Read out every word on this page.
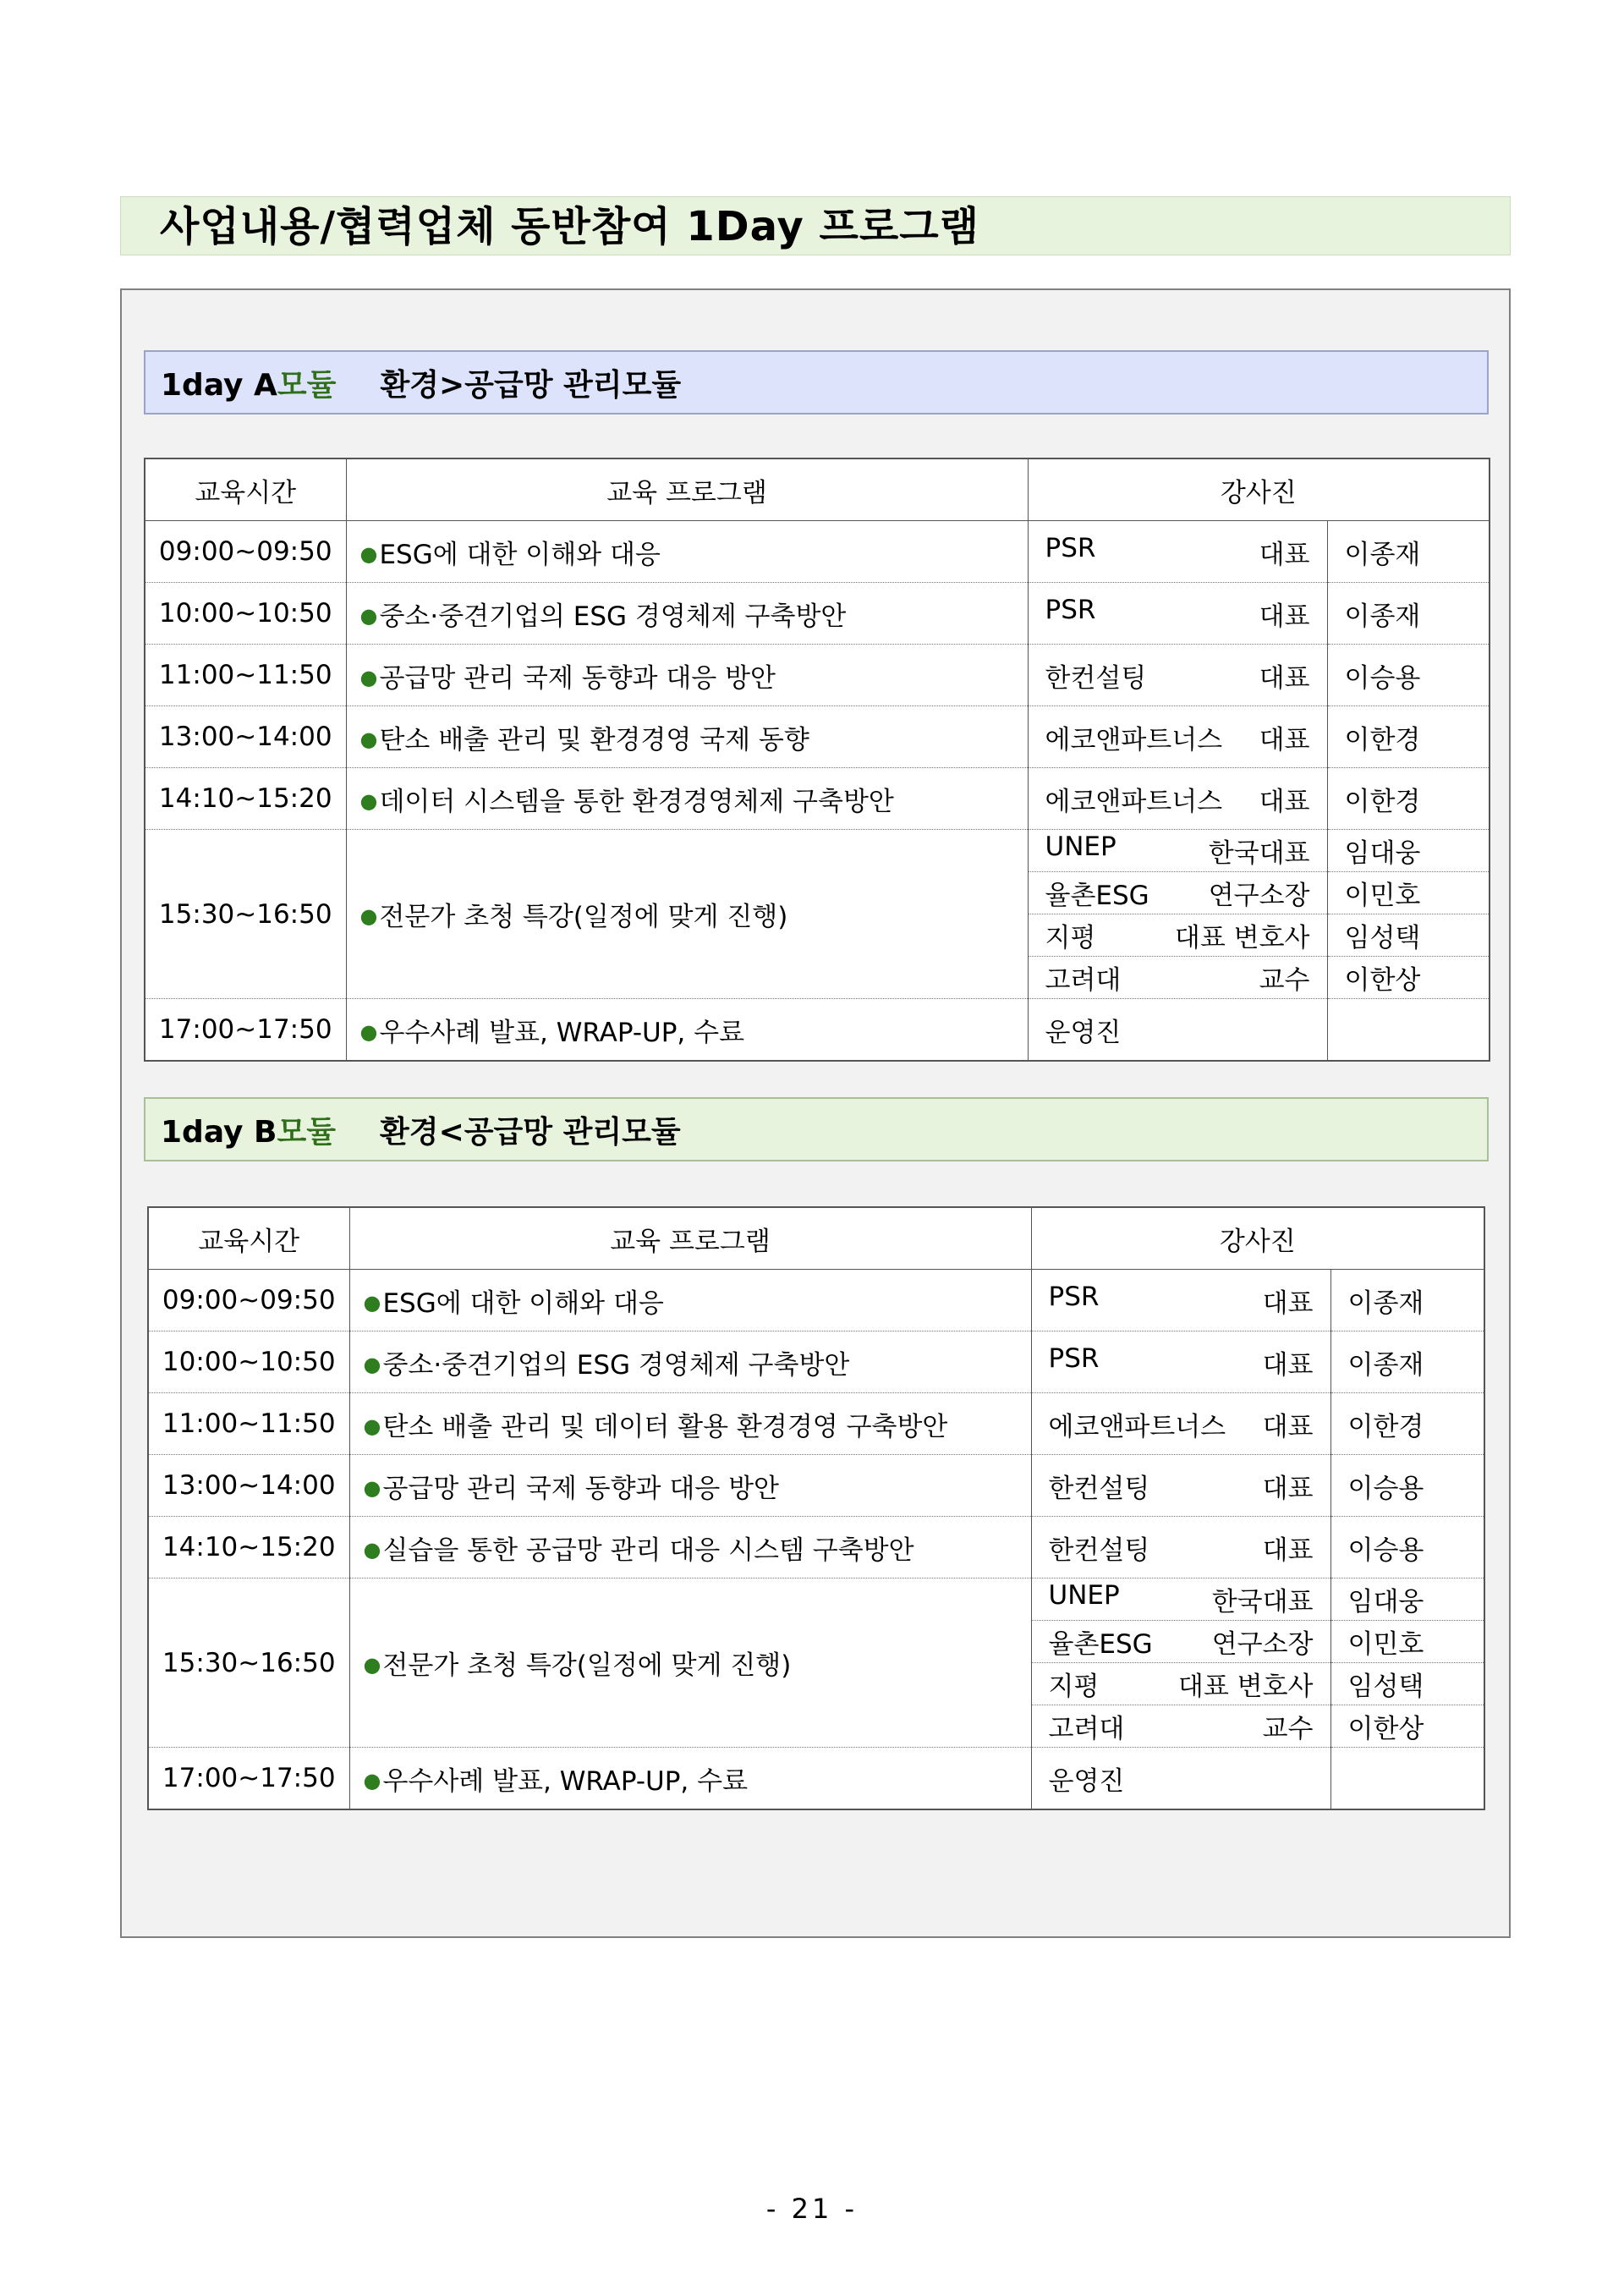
사업내용/협력업체 동반참여 1Day 프로그램
1day A모듈 환경>공급망 관리모듈
교육시간	교육 프로그램	강사진	
09:00~09:50	●ESG에 대한 이해와 대응	PSR 대표	이종재
10:00~10:50	●중소·중견기업의 ESG 경영체제 구축방안	PSR 대표	이종재
11:00~11:50	●공급망 관리 국제 동향과 대응 방안	한컨설팅 대표	이승용
13:00~14:00	●탄소 배출 관리 및 환경경영 국제 동향	에코앤파트너스 대표	이한경
14:10~15:20	●데이터 시스템을 통한 환경경영체제 구축방안	에코앤파트너스 대표	이한경
15:30~16:50	●전문가 초청 특강(일정에 맞게 진행)	UNEP 한국대표	임대웅

		율촌ESG 연구소장	이민호

		지평 대표 변호사	임성택

		고려대 교수	이한상
17:00~17:50	●우수사례 발표, WRAP-UP, 수료	운영진	
1day B모듈 환경<공급망 관리모듈
교육시간	교육 프로그램	강사진	
09:00~09:50	●ESG에 대한 이해와 대응	PSR 대표	이종재
10:00~10:50	●중소·중견기업의 ESG 경영체제 구축방안	PSR 대표	이종재
11:00~11:50	●탄소 배출 관리 및 데이터 활용 환경경영 구축방안	에코앤파트너스 대표	이한경
13:00~14:00	●공급망 관리 국제 동향과 대응 방안	한컨설팅 대표	이승용
14:10~15:20	●실습을 통한 공급망 관리 대응 시스템 구축방안	한컨설팅 대표	이승용
15:30~16:50	●전문가 초청 특강(일정에 맞게 진행)	UNEP 한국대표	임대웅

		율촌ESG 연구소장	이민호

		지평 대표 변호사	임성택

		고려대 교수	이한상
17:00~17:50	●우수사례 발표, WRAP-UP, 수료	운영진	
- 21 -
